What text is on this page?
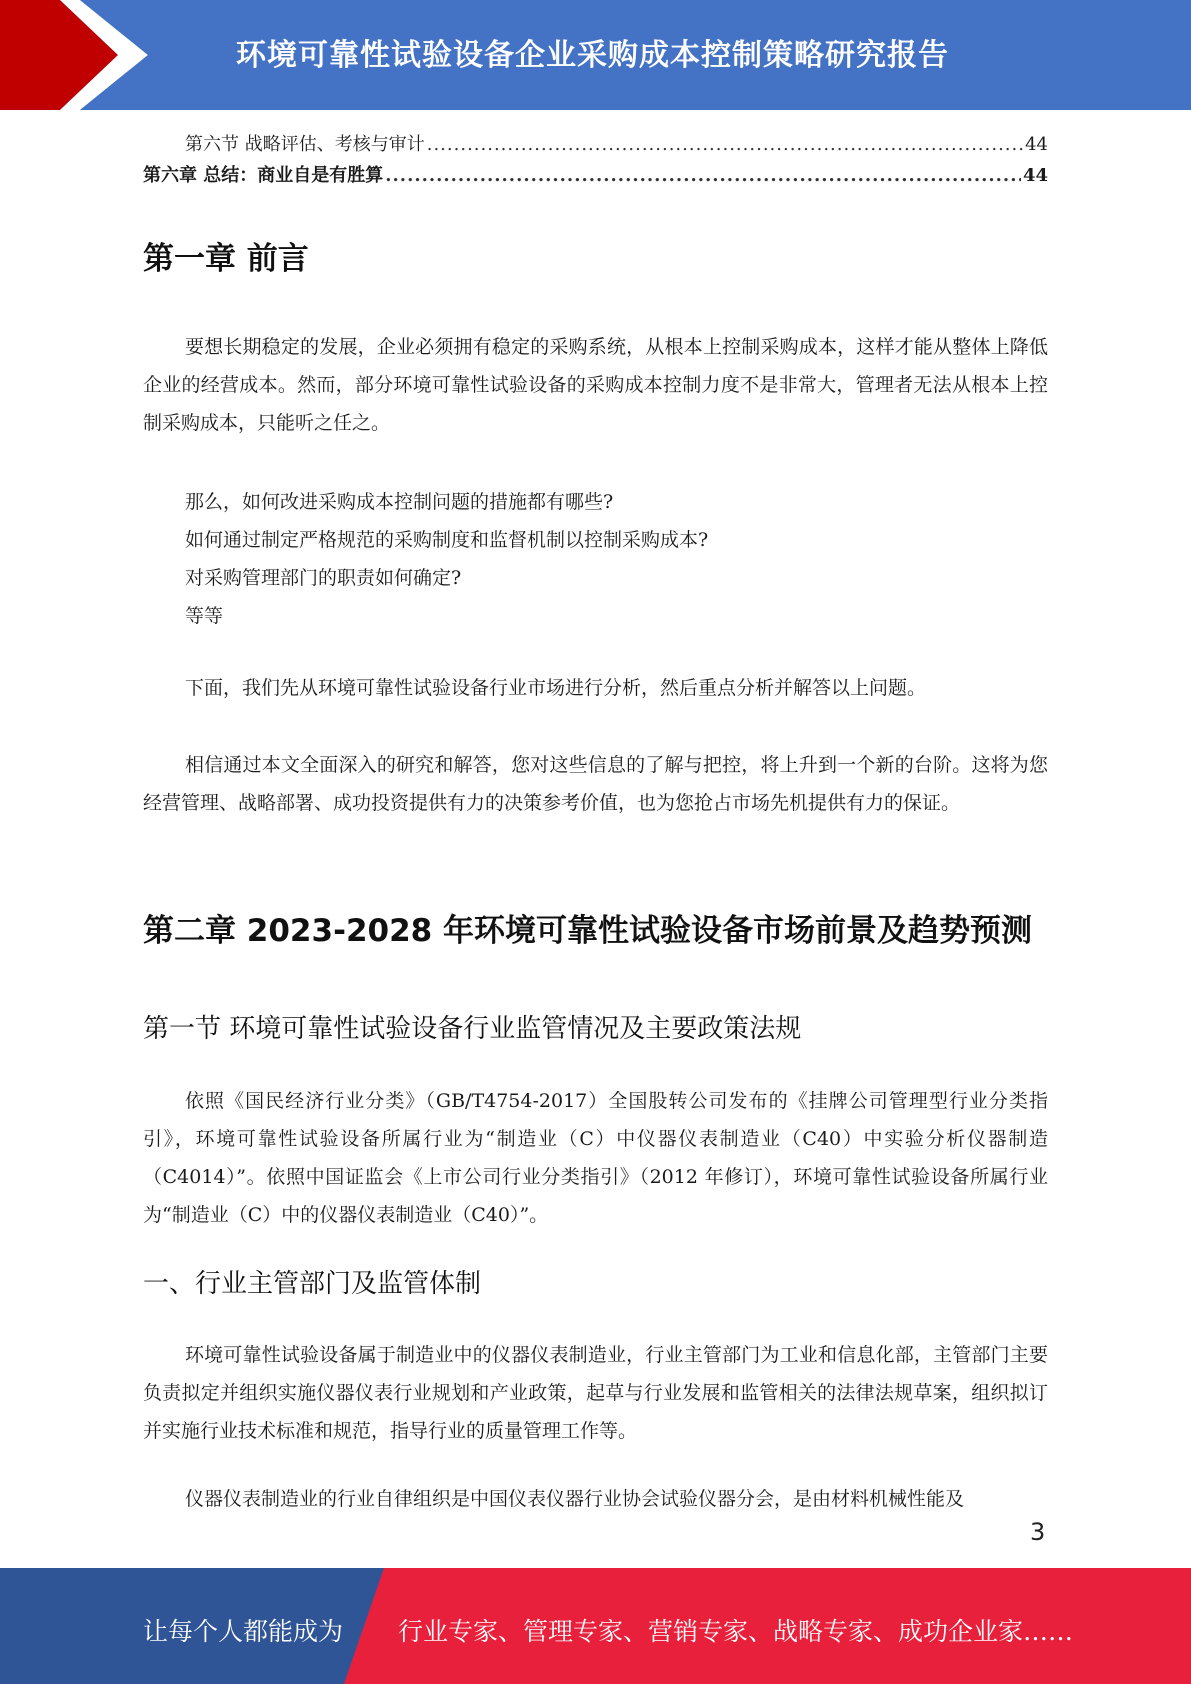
环境可靠性试验设备企业采购成本控制策略研究报告
第六节 战略评估、考核与审计 .....	44
第六章 总结：商业自是有胜算 .....	44
第一章 前言

要想长期稳定的发展，企业必须拥有稳定的采购系统，从根本上控制采购成本，这样才能从整体上降低企业的经营成本。然而，部分环境可靠性试验设备的采购成本控制力度不是非常大，管理者无法从根本上控制采购成本，只能听之任之。

那么，如何改进采购成本控制问题的措施都有哪些?
如何通过制定严格规范的采购制度和监督机制以控制采购成本?
对采购管理部门的职责如何确定?
等等

下面，我们先从环境可靠性试验设备行业市场进行分析，然后重点分析并解答以上问题。

相信通过本文全面深入的研究和解答，您对这些信息的了解与把控，将上升到一个新的台阶。这将为您经营管理、战略部署、成功投资提供有力的决策参考价值，也为您抢占市场先机提供有力的保证。

第二章 2023-2028 年环境可靠性试验设备市场前景及趋势预测
第一节 环境可靠性试验设备行业监管情况及主要政策法规

依照《国民经济行业分类》（GB/T4754-2017）全国股转公司发布的《挂牌公司管理型行业分类指引》，环境可靠性试验设备所属行业为“制造业（C）中仪器仪表制造业（C40）中实验分析仪器制造（C4014）”。依照中国证监会《上市公司行业分类指引》（2012 年修订），环境可靠性试验设备所属行业为“制造业（C）中的仪器仪表制造业（C40）”。

一、行业主管部门及监管体制

环境可靠性试验设备属于制造业中的仪器仪表制造业，行业主管部门为工业和信息化部，主管部门主要负责拟定并组织实施仪器仪表行业规划和产业政策，起草与行业发展和监管相关的法律法规草案，组织拟订并实施行业技术标准和规范，指导行业的质量管理工作等。

仪器仪表制造业的行业自律组织是中国仪表仪器行业协会试验仪器分会，是由材料机械性能及

3
让每个人都能成为 行业专家、管理专家、营销专家、战略专家、成功企业家……
